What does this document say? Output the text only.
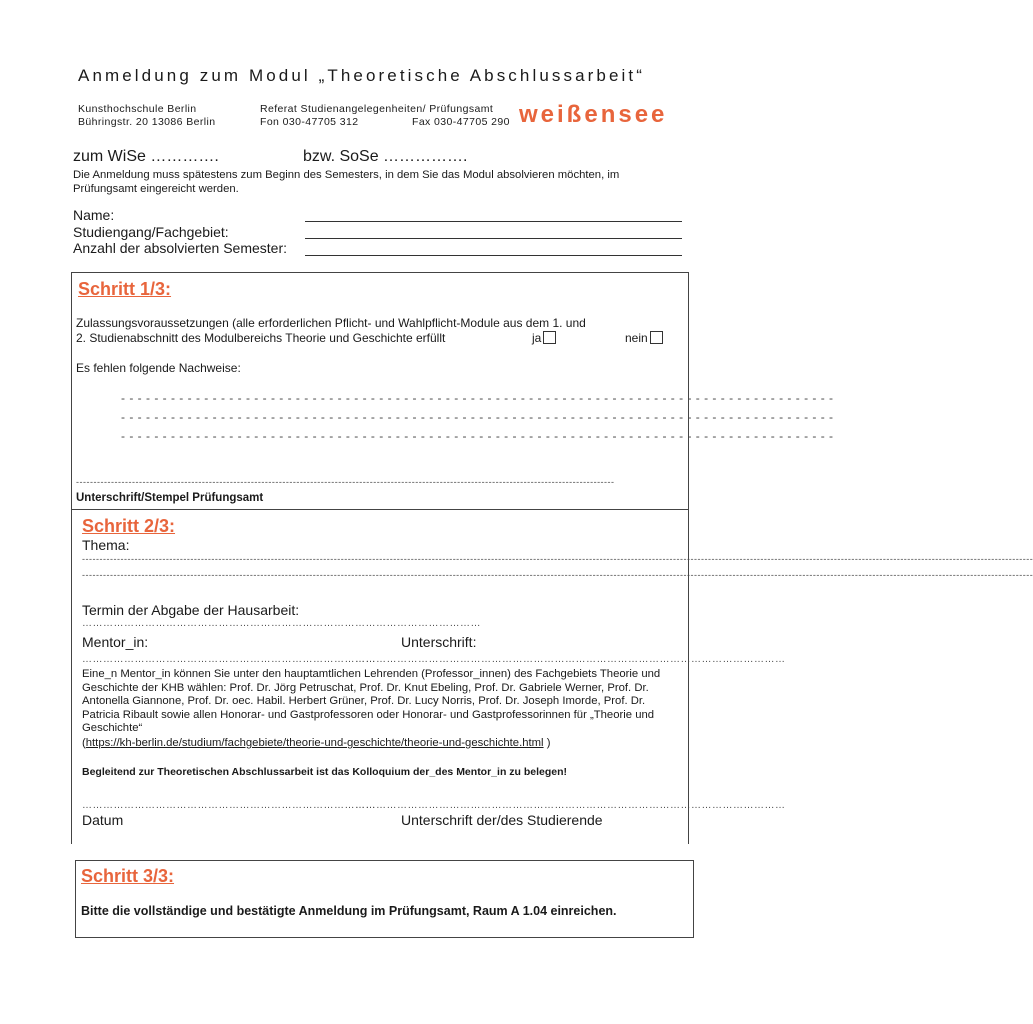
Anmeldung zum Modul „Theoretische Abschlussarbeit“
Kunsthochschule Berlin
Bühringstr. 20 13086 Berlin
Referat Studienangelegenheiten/ Prüfungsamt
Fon 030-47705 312	Fax 030-47705 290 weißensee
zum WiSe ………….	bzw. SoSe …………….
Die Anmeldung muss spätestens zum Beginn des Semesters, in dem Sie das Modul absolvieren möchten, im Prüfungsamt eingereicht werden.
Name:
Studiengang/Fachgebiet:
Anzahl der absolvierten Semester:
Schritt 1/3:
Zulassungsvoraussetzungen (alle erforderlichen Pflicht- und Wahlpflicht-Module aus dem 1. und
2. Studienabschnitt des Modulbereichs Theorie und Geschichte erfüllt	ja	nein
Es fehlen folgende Nachweise:
- - - - - - - - - - - - - - - - - - - - - - - - - - - - - - - - - - - - - - - - - - - - - - - - - - - - - - - - - - - - - - - - - - - - - - - - - - - - - - - - - - - - - -
- - - - - - - - - - - - - - - - - - - - - - - - - - - - - - - - - - - - - - - - - - - - - - - - - - - - - - - - - - - - - - - - - - - - - - - - - - - - - - - - - - - - - -
- - - - - - - - - - - - - - - - - - - - - - - - - - - - - - - - - - - - - - - - - - - - - - - - - - - - - - - - - - - - - - - - - - - - - - - - - - - - - - - - - - - - - -
----------------------------------------------------------------------------------------------------------------------------------------------------------
Unterschrift/Stempel Prüfungsamt
Schritt 2/3:
Thema:
--------------------------------------------------------------------------------------------------------------------------------------------------------------------------------------------------------------------------------------------------------------------------------
--------------------------------------------------------------------------------------------------------------------------------------------------------------------------------------------------------------------------------------------------------------------------------
Termin der Abgabe der Hausarbeit:
……………………………………………………………………………………………………
Mentor_in:	Unterschrift:
…………………………………………………………………………
……………………………………………………………………………………………………………
Eine_n Mentor_in können Sie unter den hauptamtlichen Lehrenden (Professor_innen) des Fachgebiets Theorie und Geschichte der KHB wählen: Prof. Dr. Jörg Petruschat, Prof. Dr. Knut Ebeling, Prof. Dr. Gabriele Werner, Prof. Dr. Antonella Giannone, Prof. Dr. oec. Habil. Herbert Grüner, Prof. Dr. Lucy Norris, Prof. Dr. Joseph Imorde, Prof. Dr. Patricia Ribault sowie allen Honorar- und Gastprofessoren oder Honorar- und Gastprofessorinnen für „Theorie und Geschichte“
(https://kh-berlin.de/studium/fachgebiete/theorie-und-geschichte/theorie-und-geschichte.html )
Begleitend zur Theoretischen Abschlussarbeit ist das Kolloquium der_des Mentor_in zu belegen!
…………………………………………………………………………
……………………………………………………………………………………………………………
Datum	Unterschrift der/des Studierende
Schritt 3/3:
Bitte die vollständige und bestätigte Anmeldung im Prüfungsamt, Raum A 1.04 einreichen.
